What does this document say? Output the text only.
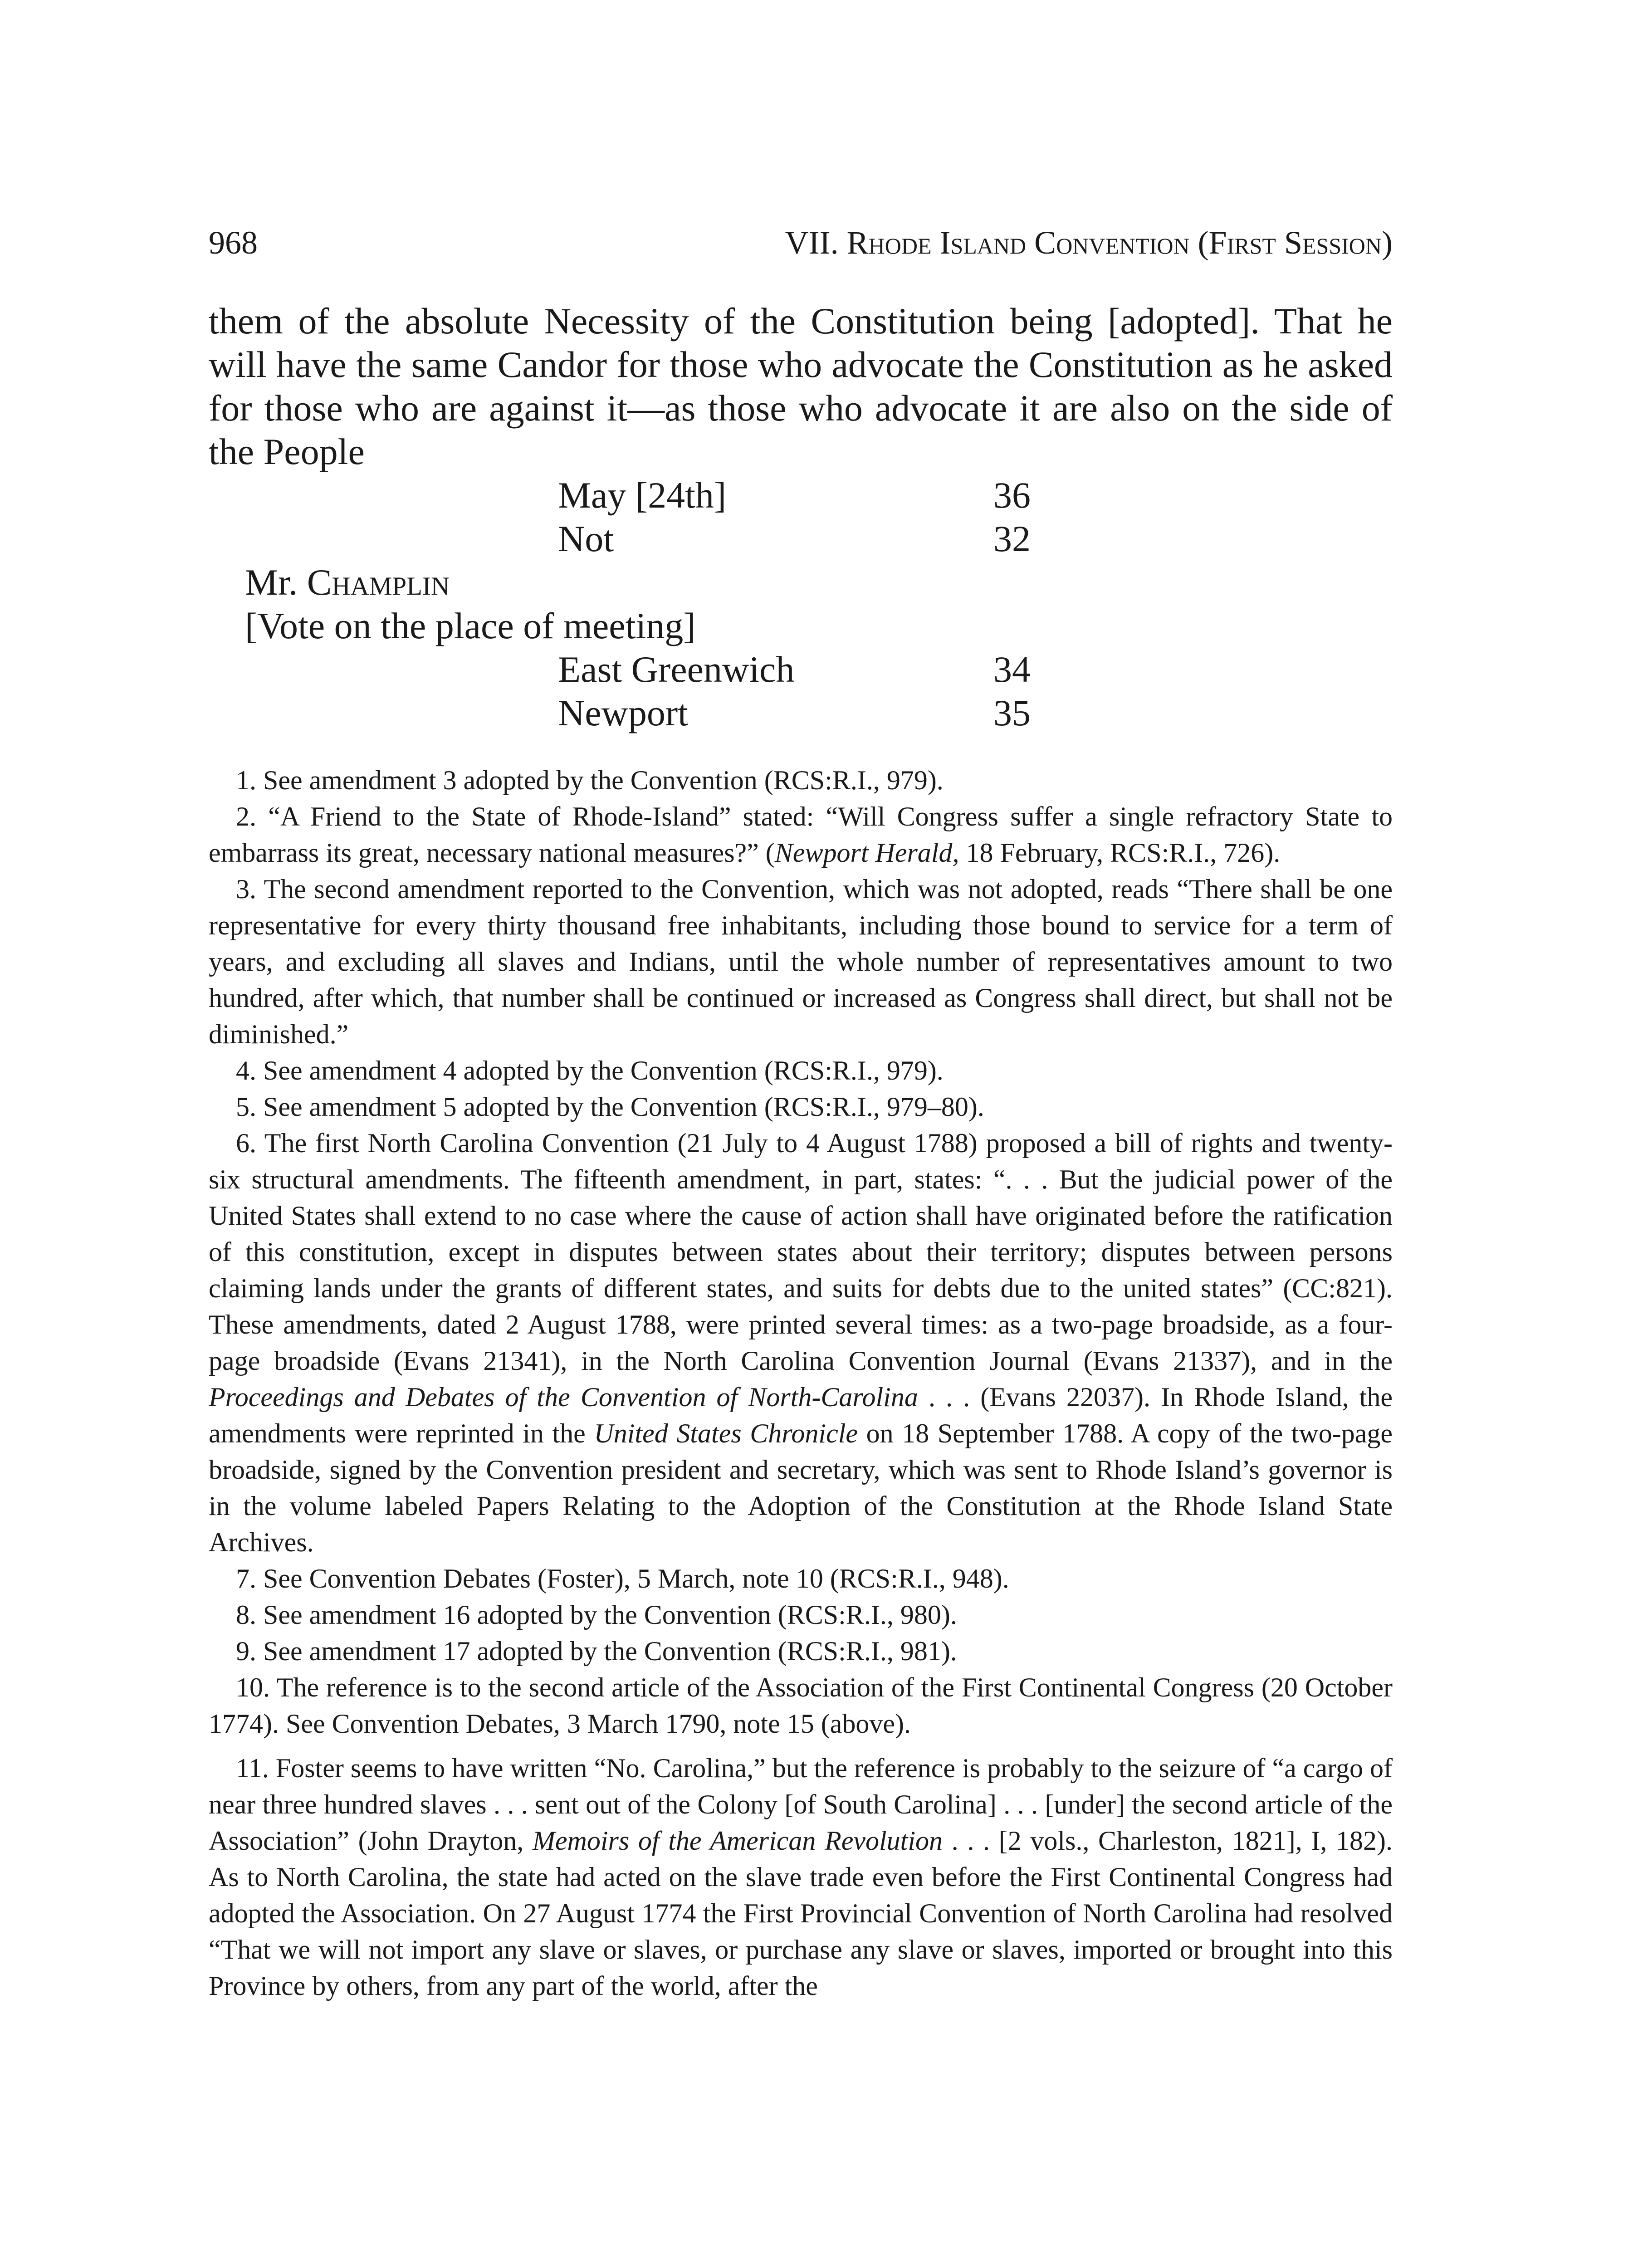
968	VII. Rhode Island Convention (First Session)

them of the absolute Necessity of the Constitution being [adopted]. That he will have the same Candor for those who advocate the Constitution as he asked for those who are against it—as those who advocate it are also on the side of the People

May [24th]	36
Not	32
Mr. Champlin
[Vote on the place of meeting]
East Greenwich	34
Newport	35

1. See amendment 3 adopted by the Convention (RCS:R.I., 979).

2. “A Friend to the State of Rhode-Island” stated: “Will Congress suffer a single refractory State to embarrass its great, necessary national measures?” (Newport Herald, 18 February, RCS:R.I., 726).

3. The second amendment reported to the Convention, which was not adopted, reads “There shall be one representative for every thirty thousand free inhabitants, including those bound to service for a term of years, and excluding all slaves and Indians, until the whole number of representatives amount to two hundred, after which, that number shall be continued or increased as Congress shall direct, but shall not be diminished.”

4. See amendment 4 adopted by the Convention (RCS:R.I., 979).

5. See amendment 5 adopted by the Convention (RCS:R.I., 979–80).

6. The first North Carolina Convention (21 July to 4 August 1788) proposed a bill of rights and twenty-six structural amendments. The fifteenth amendment, in part, states: “. . . But the judicial power of the United States shall extend to no case where the cause of action shall have originated before the ratification of this constitution, except in disputes between states about their territory; disputes between persons claiming lands under the grants of different states, and suits for debts due to the united states” (CC:821). These amendments, dated 2 August 1788, were printed several times: as a two-page broadside, as a four-page broadside (Evans 21341), in the North Carolina Convention Journal (Evans 21337), and in the Proceedings and Debates of the Convention of North-Carolina . . . (Evans 22037). In Rhode Island, the amendments were reprinted in the United States Chronicle on 18 September 1788. A copy of the two-page broadside, signed by the Convention president and secretary, which was sent to Rhode Island’s governor is in the volume labeled Papers Relating to the Adoption of the Constitution at the Rhode Island State Archives.

7. See Convention Debates (Foster), 5 March, note 10 (RCS:R.I., 948).

8. See amendment 16 adopted by the Convention (RCS:R.I., 980).

9. See amendment 17 adopted by the Convention (RCS:R.I., 981).

10. The reference is to the second article of the Association of the First Continental Congress (20 October 1774). See Convention Debates, 3 March 1790, note 15 (above).

11. Foster seems to have written “No. Carolina,” but the reference is probably to the seizure of “a cargo of near three hundred slaves . . . sent out of the Colony [of South Carolina] . . . [under] the second article of the Association” (John Drayton, Memoirs of the American Revolution . . . [2 vols., Charleston, 1821], I, 182). As to North Carolina, the state had acted on the slave trade even before the First Continental Congress had adopted the Association. On 27 August 1774 the First Provincial Convention of North Carolina had resolved “That we will not import any slave or slaves, or purchase any slave or slaves, imported or brought into this Province by others, from any part of the world, after the
